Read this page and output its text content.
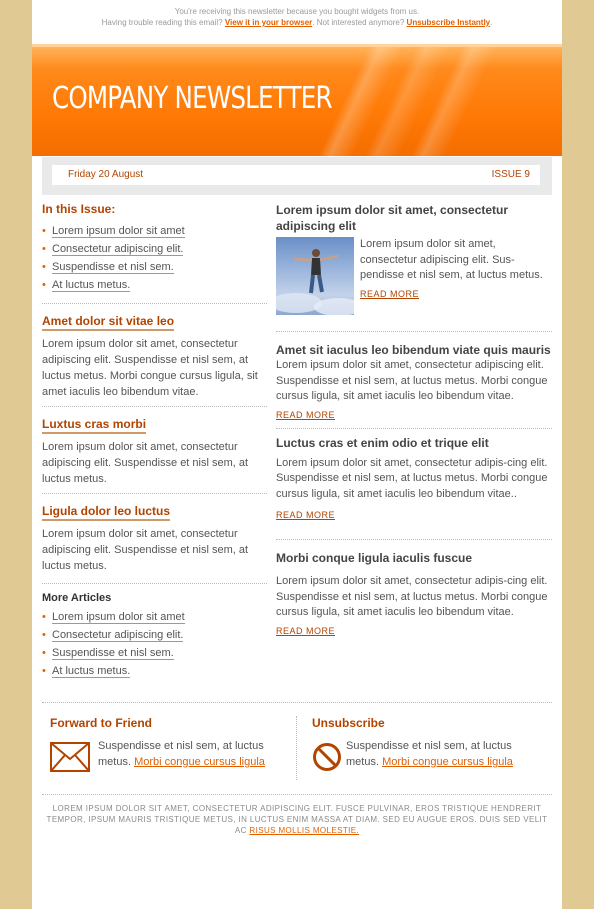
You're receiving this newsletter because you bought widgets from us.
Having trouble reading this email? View it in your browser. Not interested anymore? Unsubscribe Instantly.
COMPANY NEWSLETTER
Friday 20 August	ISSUE 9
In this Issue:
• Lorem ipsum dolor sit amet
• Consectetur adipiscing elit.
• Suspendisse et nisl sem.
• At luctus metus.
Amet dolor sit vitae leo

Lorem ipsum dolor sit amet, consectetur adipiscing elit. Suspendisse et nisl sem, at luctus metus. Morbi congue cursus ligula, sit amet iaculis leo bibendum vitae.

Luxtus cras morbi

Lorem ipsum dolor sit amet, consectetur adipiscing elit. Suspendisse et nisl sem, at luctus metus.

Ligula dolor leo luctus

Lorem ipsum dolor sit amet, consectetur adipiscing elit. Suspendisse et nisl sem, at luctus metus.

More Articles
• Lorem ipsum dolor sit amet
• Consectetur adipiscing elit.
• Suspendisse et nisl sem.
• At luctus metus.
Lorem ipsum dolor sit amet, consectetur adipiscing elit

Lorem ipsum dolor sit amet, consectetur adipiscing elit. Sus-pendisse et nisl sem, at luctus metus.

READ MORE
Amet sit iaculus leo bibendum viate quis mauris

Lorem ipsum dolor sit amet, consectetur adipiscing elit. Suspendisse et nisl sem, at luctus metus. Morbi congue cursus ligula, sit amet iaculis leo bibendum vitae.

READ MORE
Luctus cras et enim odio et trique elit

Lorem ipsum dolor sit amet, consectetur adipis-cing elit. Suspendisse et nisl sem, at luctus metus. Morbi congue cursus ligula, sit amet iaculis leo bibendum vitae..

READ MORE
Morbi conque ligula iaculis fuscue

Lorem ipsum dolor sit amet, consectetur adipis-cing elit. Suspendisse et nisl sem, at luctus metus. Morbi congue cursus ligula, sit amet iaculis leo bibendum vitae.

READ MORE
Forward to Friend
Suspendisse et nisl sem, at luctus metus. Morbi congue cursus ligula
Unsubscribe
Suspendisse et nisl sem, at luctus metus. Morbi congue cursus ligula
LOREM IPSUM DOLOR SIT AMET, CONSECTETUR ADIPISCING ELIT. FUSCE PULVINAR, EROS TRISTIQUE HENDRERIT TEMPOR, IPSUM MAURIS TRISTIQUE METUS, IN LUCTUS ENIM MASSA AT DIAM. SED EU AUGUE EROS. DUIS SED VELIT AC RISUS MOLLIS MOLESTIE.
